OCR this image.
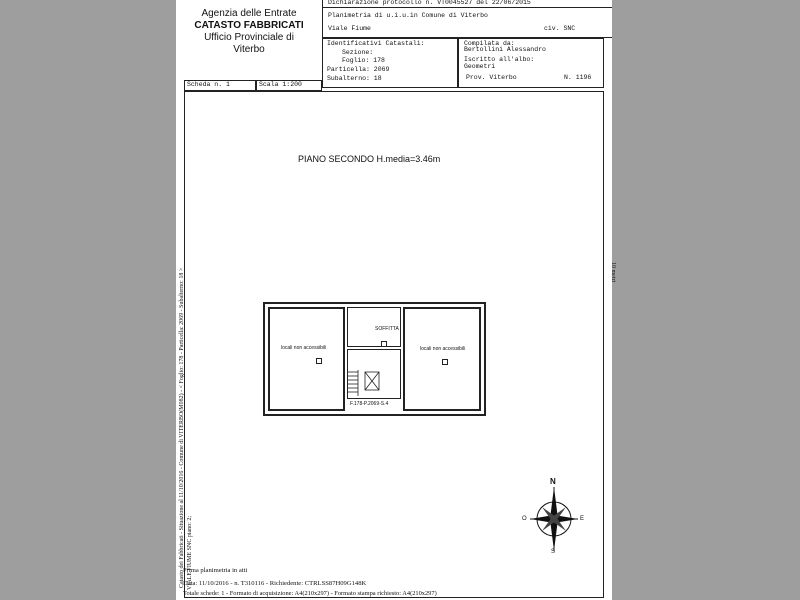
Agenzia delle Entrate
CATASTO FABBRICATI
Ufficio Provinciale di
Viterbo
Dichiarazione protocollo n. VT0045527 del 22/06/2015
Planimetria di u.i.u.in Comune di Viterbo
Viale Fiume	civ. SNC
Identificativi Catastali:
Sezione:
Foglio: 178
Particella: 2069
Subalterno: 18
Compilata da:
Bertollini Alessandro
Iscritto all'albo:
Geometri
Prov. Viterbo	N. 1196
Scheda n. 1	Scala 1:200
PIANO SECONDO H.media=3.46m
locali non accessibili	locali non accessibili
SOFFITTA
F.178-P.2069-S.4
10 metri
Catasto dei Fabbricati - Situazione al 11/10/2016 - Comune di VITERBO(M082) - < Foglio: 178 - Particella: 2069 - Subalterno: 18 > VIALE FIUME SNC piano: 2;
N
S
E
O
Prima planimetria in atti
Data: 11/10/2016 - n. T310116 - Richiedente: CTRLSS87H09G148K
Totale schede: 1 - Formato di acquisizione: A4(210x297) - Formato stampa richiesto: A4(210x297)
